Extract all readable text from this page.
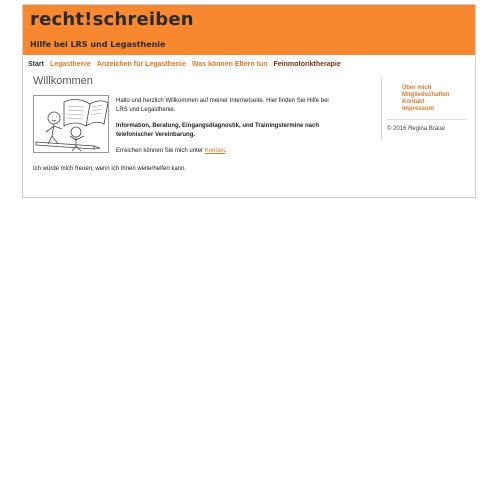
recht!schreiben
Hilfe bei LRS und Legasthenie
Start Legasthenie Anzeichen für Legasthenie Was können Eltern tun Feinmotoriktherapie
Willkommen

Hallo und herzlich Willkommen auf meiner Internetseite. Hier finden Sie Hilfe bei LRS und Legasthenie.

Information, Beratung, Eingangsdiagnostik, und Trainingstermine nach telefonischer Vereinbarung.

Erreichen können Sie mich unter Kontakt.

Ich würde mich freuen, wenn ich Ihnen weiterhelfen kann.
Über mich
Mitgliedschaften
Kontakt
Impressum
© 2016 Regina Braue
